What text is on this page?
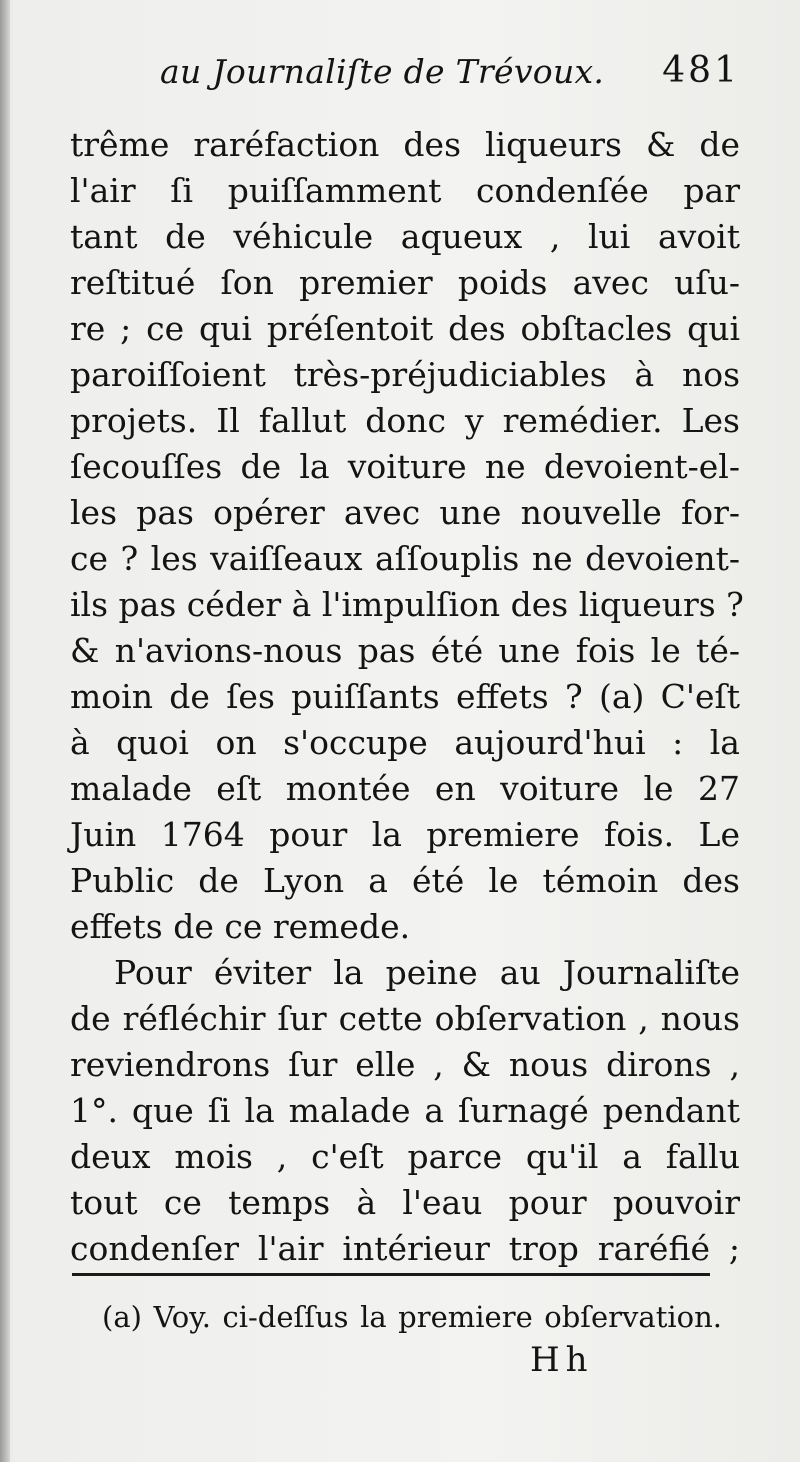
au Journaliſte de Trévoux. 481
trême raréfaction des liqueurs & de
l'air ſi puiſſamment condenſée par
tant de véhicule aqueux , lui avoit
reſtitué ſon premier poids avec uſu-
re ; ce qui préſentoit des obſtacles qui
paroiſſoient très-préjudiciables à nos
projets. Il fallut donc y remédier. Les
ſecouſſes de la voiture ne devoient-el-
les pas opérer avec une nouvelle for-
ce ? les vaiſſeaux aſſouplis ne devoient-
ils pas céder à l'impulſion des liqueurs ?
& n'avions-nous pas été une fois le té-
moin de ſes puiſſants effets ? (a) C'eſt
à quoi on s'occupe aujourd'hui : la
malade eſt montée en voiture le 27
Juin 1764 pour la premiere fois. Le
Public de Lyon a été le témoin des
effets de ce remede.
Pour éviter la peine au Journaliſte
de réfléchir ſur cette obſervation , nous
reviendrons ſur elle , & nous dirons ,
1°. que ſi la malade a ſurnagé pendant
deux mois , c'eſt parce qu'il a fallu
tout ce temps à l'eau pour pouvoir
condenſer l'air intérieur trop raréfié ;
(a) Voy. ci-deſſus la premiere obſervation.
Hh
